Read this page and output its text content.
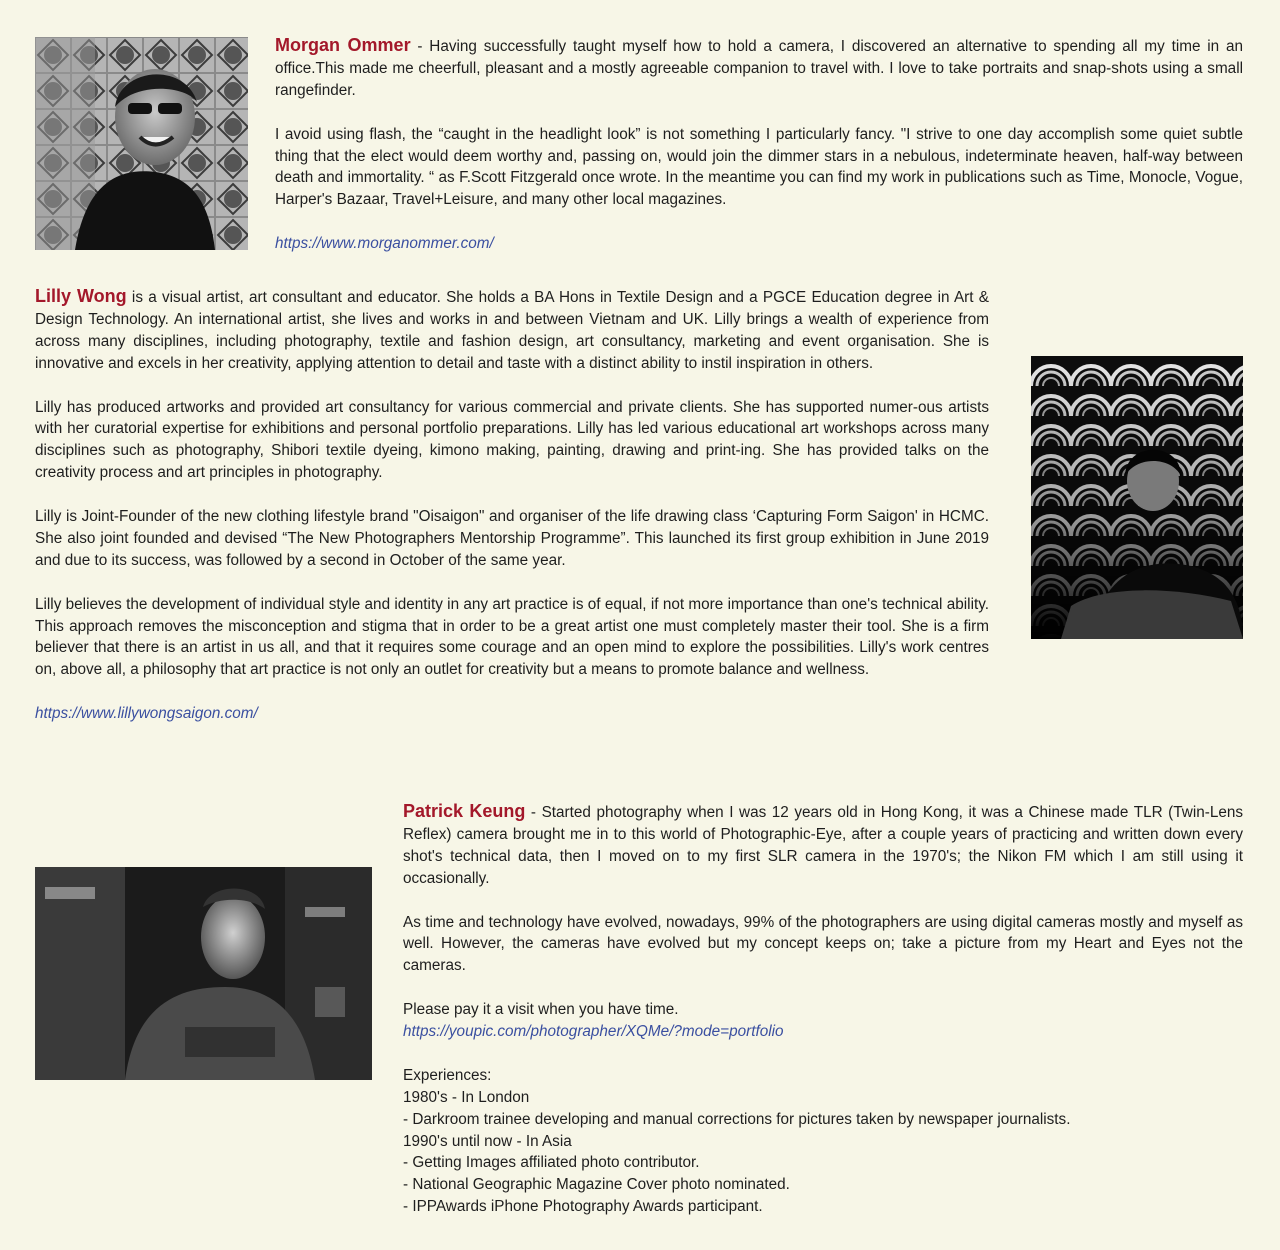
Morgan Ommer - Having successfully taught myself how to hold a camera, I discovered an alternative to spending all my time in an office.This made me cheerfull, pleasant and a mostly agreeable companion to travel with. I love to take portraits and snap-shots using a small rangefinder.

I avoid using flash, the “caught in the headlight look” is not something I particularly fancy. "I strive to one day accomplish some quiet subtle thing that the elect would deem worthy and, passing on, would join the dimmer stars in a nebulous, indeterminate heaven, half-way between death and immortality. “ as F.Scott Fitzgerald once wrote. In the meantime you can find my work in publications such as Time, Monocle, Vogue, Harper's Bazaar, Travel+Leisure, and many other local magazines.

https://www.morganommer.com/

Lilly Wong is a visual artist, art consultant and educator. She holds a BA Hons in Textile Design and a PGCE Education degree in Art & Design Technology. An international artist, she lives and works in and between Vietnam and UK. Lilly brings a wealth of experience from across many disciplines, including photography, textile and fashion design, art consultancy, marketing and event organisation. She is innovative and excels in her creativity, applying attention to detail and taste with a distinct ability to instil inspiration in others.

Lilly has produced artworks and provided art consultancy for various commercial and private clients. She has supported numer-ous artists with her curatorial expertise for exhibitions and personal portfolio preparations. Lilly has led various educational art workshops across many disciplines such as photography, Shibori textile dyeing, kimono making, painting, drawing and print-ing. She has provided talks on the creativity process and art principles in photography.

Lilly is Joint-Founder of the new clothing lifestyle brand "Oisaigon" and organiser of the life drawing class ‘Capturing Form Saigon' in HCMC. She also joint founded and devised “The New Photographers Mentorship Programme”. This launched its first group exhibition in June 2019 and due to its success, was followed by a second in October of the same year.

Lilly believes the development of individual style and identity in any art practice is of equal, if not more importance than one's technical ability. This approach removes the misconception and stigma that in order to be a great artist one must completely master their tool. She is a firm believer that there is an artist in us all, and that it requires some courage and an open mind to explore the possibilities. Lilly's work centres on, above all, a philosophy that art practice is not only an outlet for creativity but a means to promote balance and wellness.

https://www.lillywongsaigon.com/

Patrick Keung - Started photography when I was 12 years old in Hong Kong, it was a Chinese made TLR (Twin-Lens Reflex) camera brought me in to this world of Photographic-Eye, after a couple years of practicing and written down every shot's technical data, then I moved on to my first SLR camera in the 1970's; the Nikon FM which I am still using it occasionally.

As time and technology have evolved, nowadays, 99% of the photographers are using digital cameras mostly and myself as well. However, the cameras have evolved but my concept keeps on; take a picture from my Heart and Eyes not the cameras.

Please pay it a visit when you have time.

https://youpic.com/photographer/XQMe/?mode=portfolio

Experiences:

1980's - In London
- Darkroom trainee developing and manual corrections for pictures taken by newspaper journalists.
1990's until now - In Asia
- Getting Images affiliated photo contributor.
- National Geographic Magazine Cover photo nominated.
- IPPAwards iPhone Photography Awards participant.
